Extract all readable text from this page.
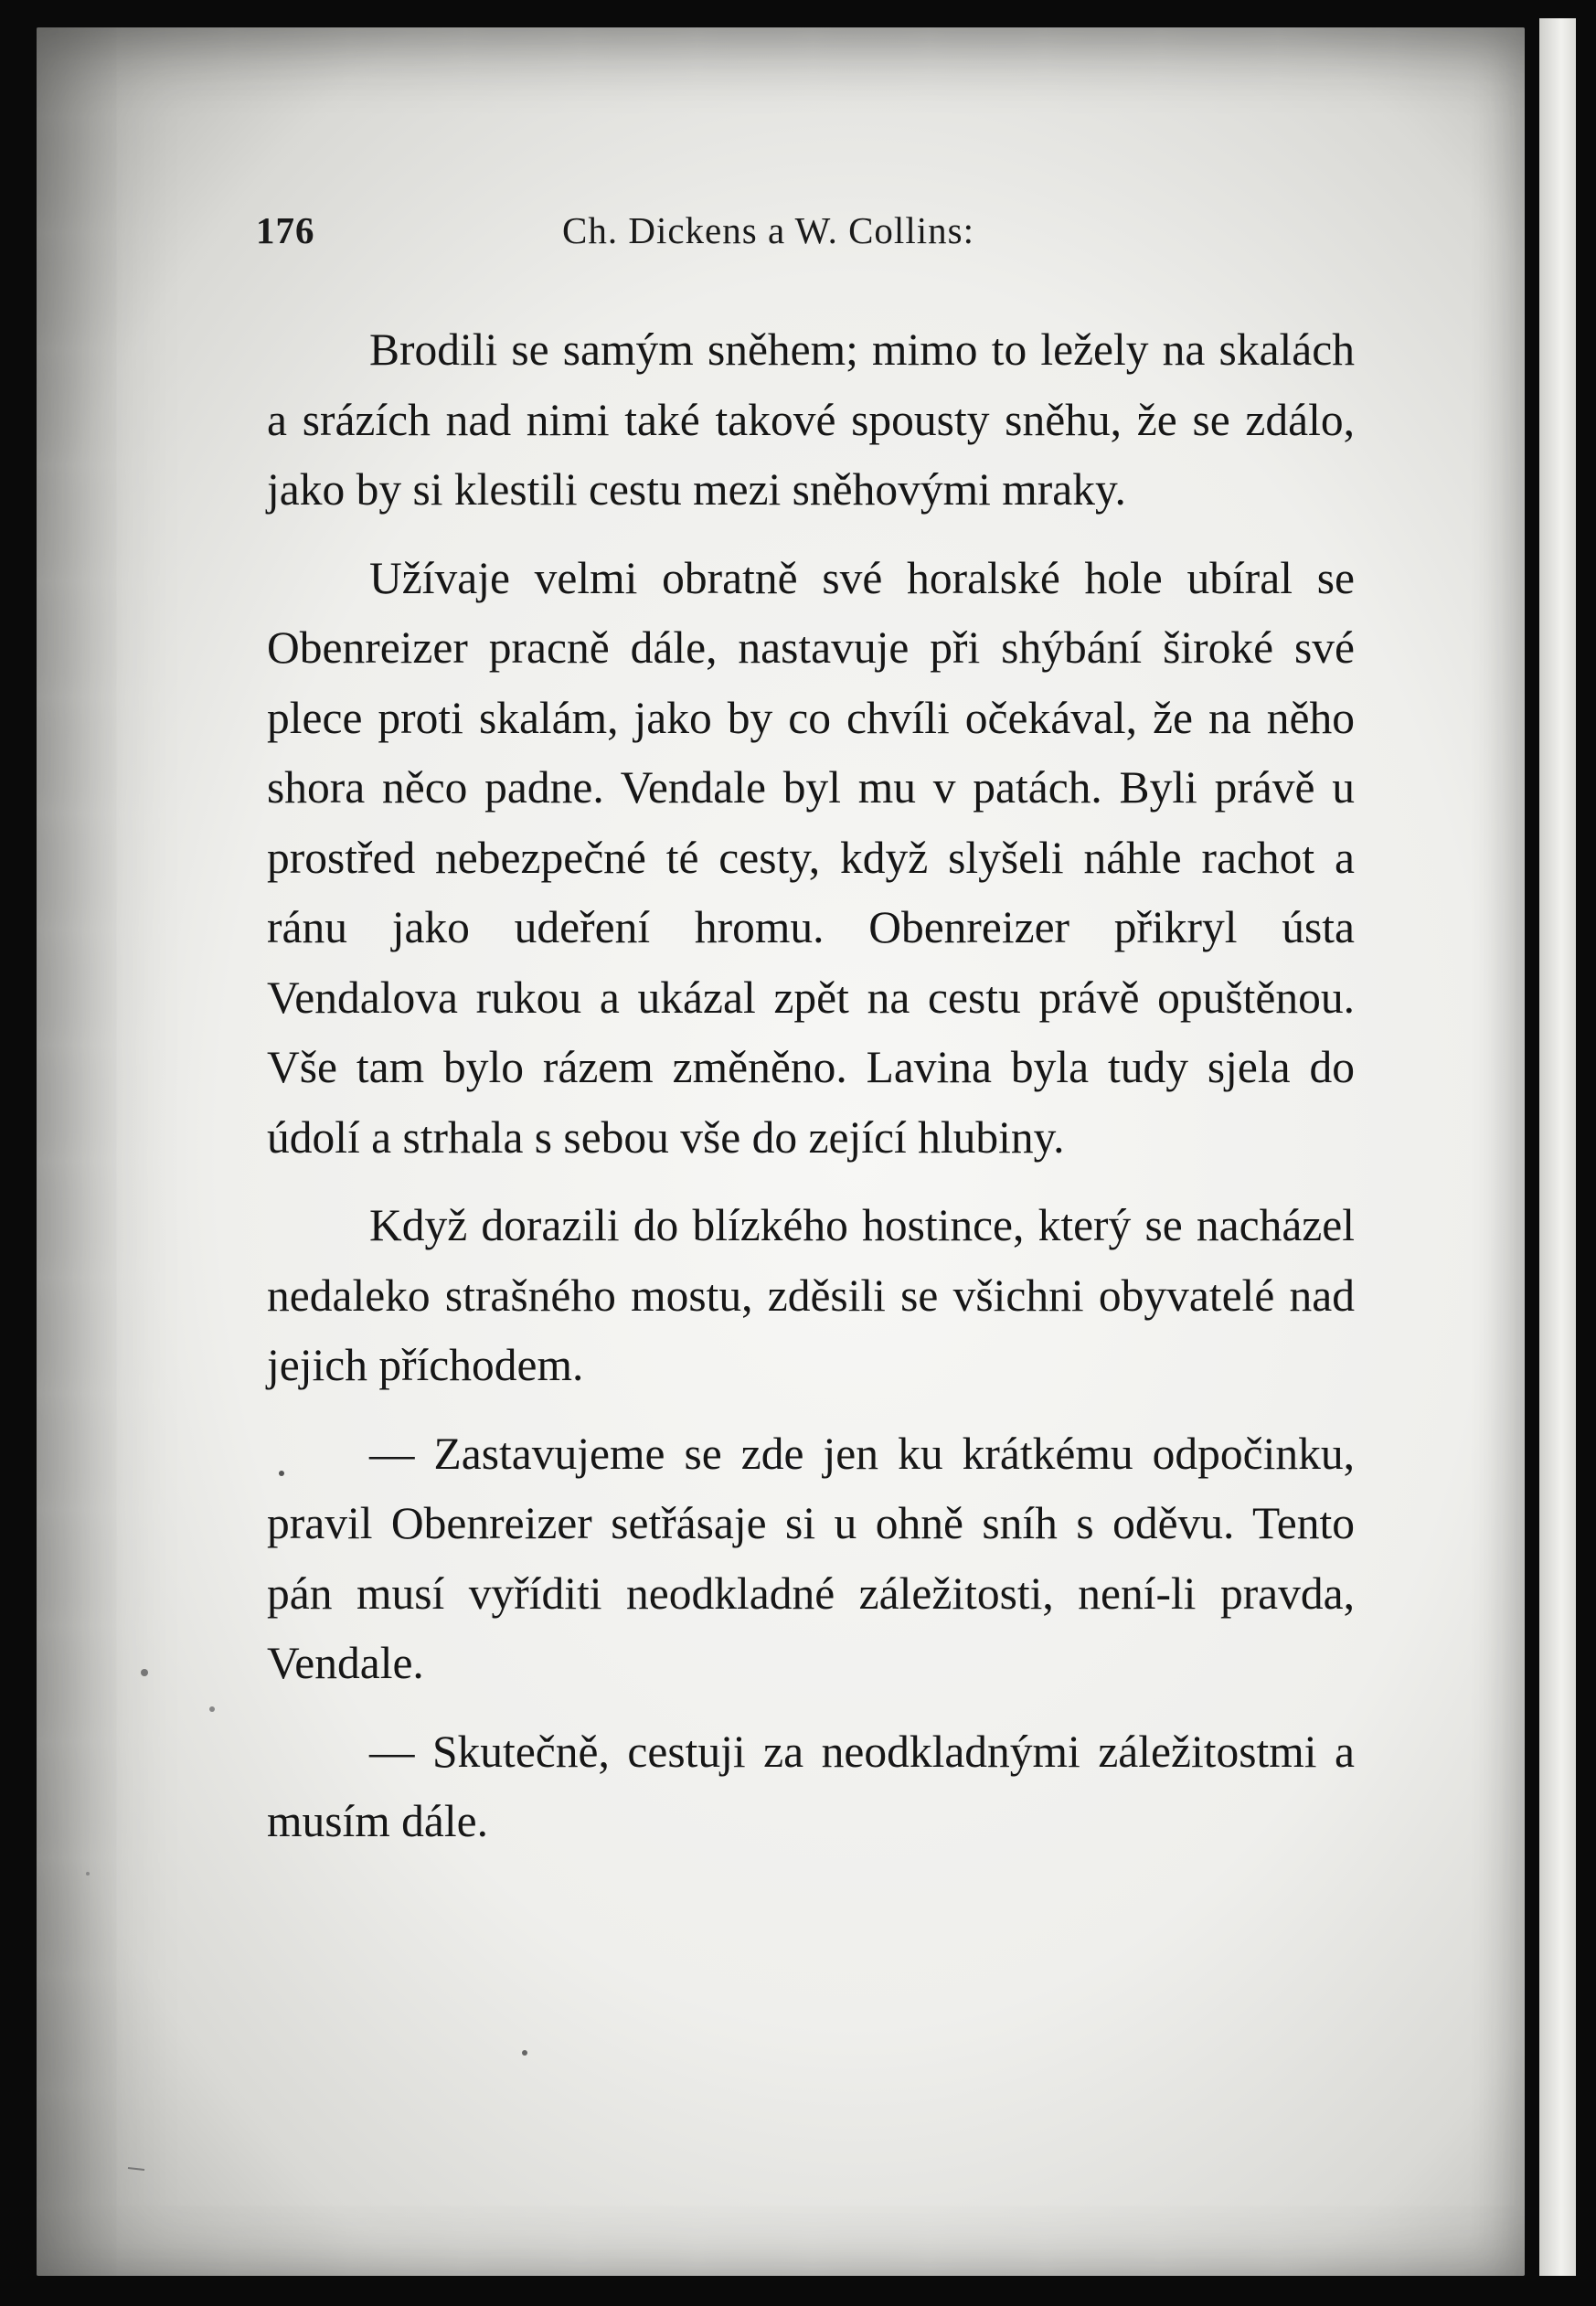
176	Ch. Dickens a W. Collins:

Brodili se samým sněhem; mimo to ležely na skalách a srázích nad nimi také takové spousty sněhu, že se zdálo, jako by si klestili cestu mezi sněhovými mraky.

Užívaje velmi obratně své horalské hole ubíral se Obenreizer pracně dále, nastavuje při shýbání široké své plece proti skalám, jako by co chvíli očekával, že na něho shora něco padne. Vendale byl mu v patách. Byli právě u prostřed nebezpečné té cesty, když slyšeli náhle rachot a ránu jako udeření hromu. Obenreizer přikryl ústa Vendalova rukou a ukázal zpět na cestu právě opuštěnou. Vše tam bylo rázem změněno. Lavina byla tudy sjela do údolí a strhala s sebou vše do zející hlubiny.

Když dorazili do blízkého hostince, který se nacházel nedaleko strašného mostu, zděsili se všichni obyvatelé nad jejich příchodem.

— Zastavujeme se zde jen ku krátkému odpočinku, pravil Obenreizer setřásaje si u ohně sníh s oděvu. Tento pán musí vyříditi neodkladné záležitosti, není-li pravda, Vendale.

— Skutečně, cestuji za neodkladnými záležitostmi a musím dále.
